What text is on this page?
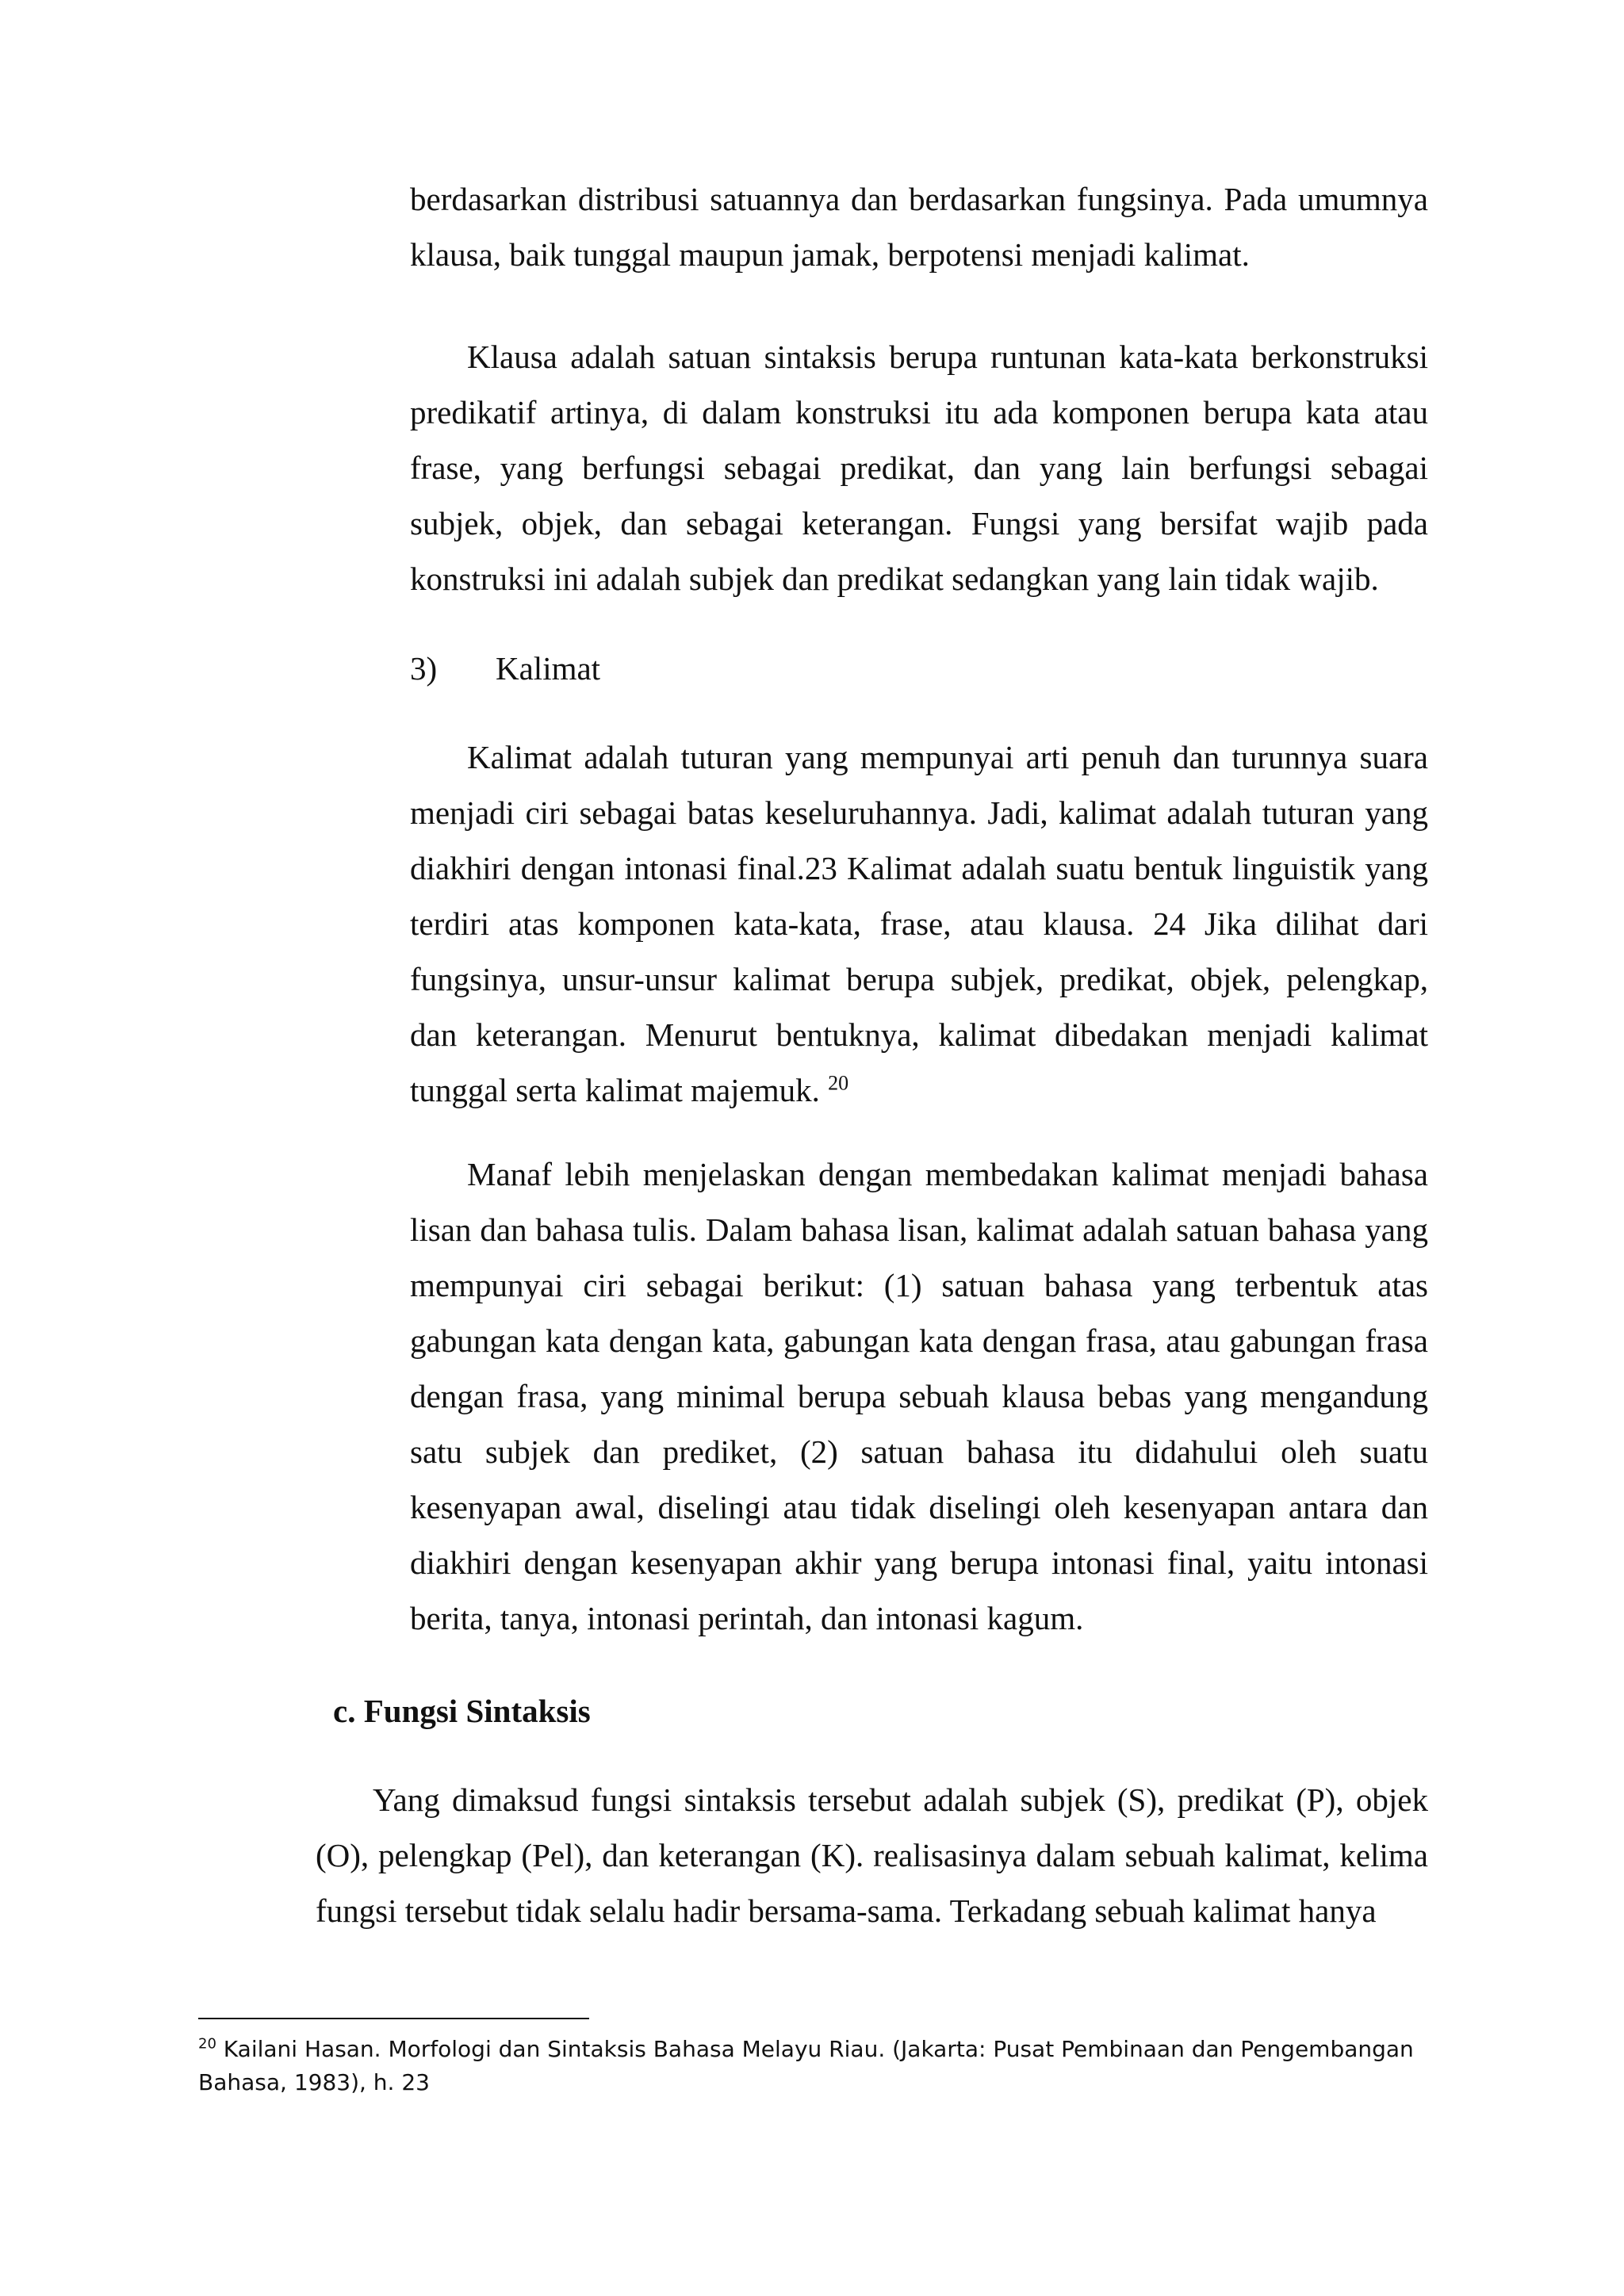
berdasarkan distribusi satuannya dan berdasarkan fungsinya. Pada umumnya klausa, baik tunggal maupun jamak, berpotensi menjadi kalimat.

Klausa adalah satuan sintaksis berupa runtunan kata-kata berkonstruksi predikatif artinya, di dalam konstruksi itu ada komponen berupa kata atau frase, yang berfungsi sebagai predikat, dan yang lain berfungsi sebagai subjek, objek, dan sebagai keterangan. Fungsi yang bersifat wajib pada konstruksi ini adalah subjek dan predikat sedangkan yang lain tidak wajib.

3) Kalimat

Kalimat adalah tuturan yang mempunyai arti penuh dan turunnya suara menjadi ciri sebagai batas keseluruhannya. Jadi, kalimat adalah tuturan yang diakhiri dengan intonasi final.23 Kalimat adalah suatu bentuk linguistik yang terdiri atas komponen kata-kata, frase, atau klausa. 24 Jika dilihat dari fungsinya, unsur-unsur kalimat berupa subjek, predikat, objek, pelengkap, dan keterangan. Menurut bentuknya, kalimat dibedakan menjadi kalimat tunggal serta kalimat majemuk. $^{20}$

Manaf lebih menjelaskan dengan membedakan kalimat menjadi bahasa lisan dan bahasa tulis. Dalam bahasa lisan, kalimat adalah satuan bahasa yang mempunyai ciri sebagai berikut: (1) satuan bahasa yang terbentuk atas gabungan kata dengan kata, gabungan kata dengan frasa, atau gabungan frasa dengan frasa, yang minimal berupa sebuah klausa bebas yang mengandung satu subjek dan prediket, (2) satuan bahasa itu didahului oleh suatu kesenyapan awal, diselingi atau tidak diselingi oleh kesenyapan antara dan diakhiri dengan kesenyapan akhir yang berupa intonasi final, yaitu intonasi berita, tanya, intonasi perintah, dan intonasi kagum.

c. Fungsi Sintaksis

Yang dimaksud fungsi sintaksis tersebut adalah subjek (S), predikat (P), objek (O), pelengkap (Pel), dan keterangan (K). realisasinya dalam sebuah kalimat, kelima fungsi tersebut tidak selalu hadir bersama-sama. Terkadang sebuah kalimat hanya

$^{20}$ Kailani Hasan. Morfologi dan Sintaksis Bahasa Melayu Riau. (Jakarta: Pusat Pembinaan dan Pengembangan Bahasa, 1983), h. 23
